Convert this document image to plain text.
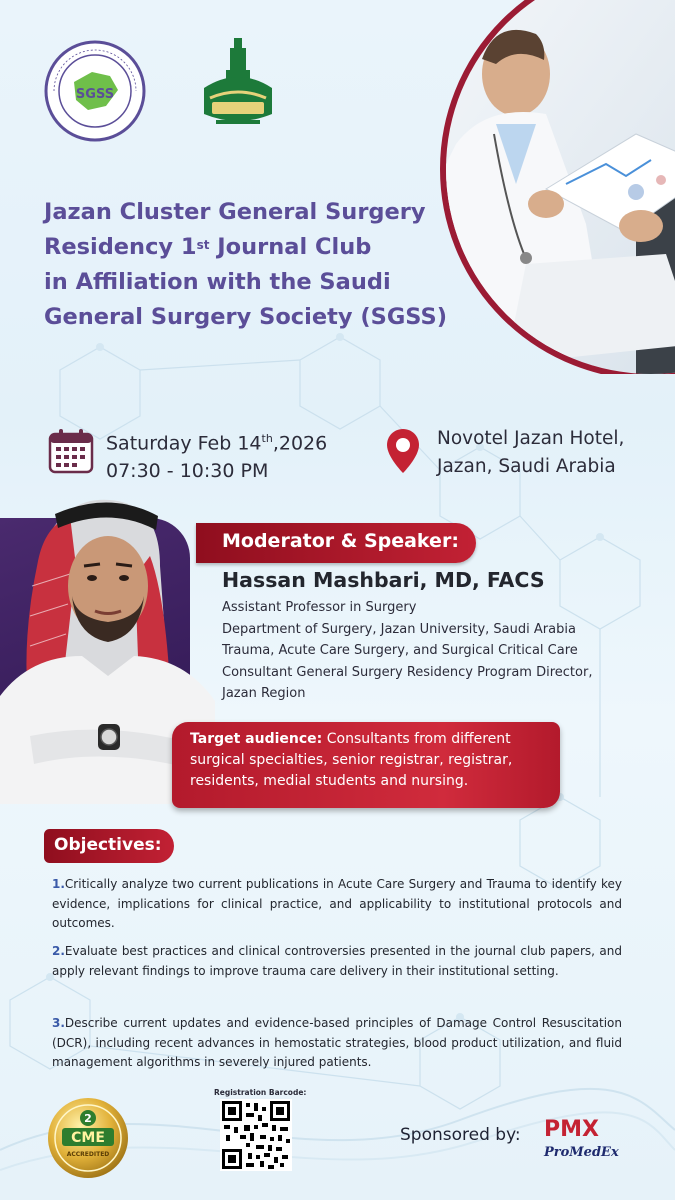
SGSS
Jazan Cluster General Surgery
Residency 1st Journal Club
in Affiliation with the Saudi
General Surgery Society (SGSS)
Saturday Feb 14th,2026
07:30 - 10:30 PM
Novotel Jazan Hotel,
Jazan, Saudi Arabia
Moderator & Speaker:
Hassan Mashbari, MD, FACS
Assistant Professor in Surgery
Department of Surgery, Jazan University, Saudi Arabia
Trauma, Acute Care Surgery, and Surgical Critical Care
Consultant General Surgery Residency Program Director,
Jazan Region
Target audience: Consultants from different surgical specialties, senior registrar, registrar, residents, medial students and nursing.
Objectives:
1.Critically analyze two current publications in Acute Care Surgery and Trauma to identify key evidence, implications for clinical practice, and applicability to institutional protocols and outcomes.
2.Evaluate best practices and clinical controversies presented in the journal club papers, and apply relevant findings to improve trauma care delivery in their institutional setting.
3.Describe current updates and evidence-based principles of Damage Control Resuscitation (DCR), including recent advances in hemostatic strategies, blood product utilization, and fluid management algorithms in severely injured patients.
2
CME
ACCREDITED
Registration Barcode:
Sponsored by: PMX
ProMedEx
